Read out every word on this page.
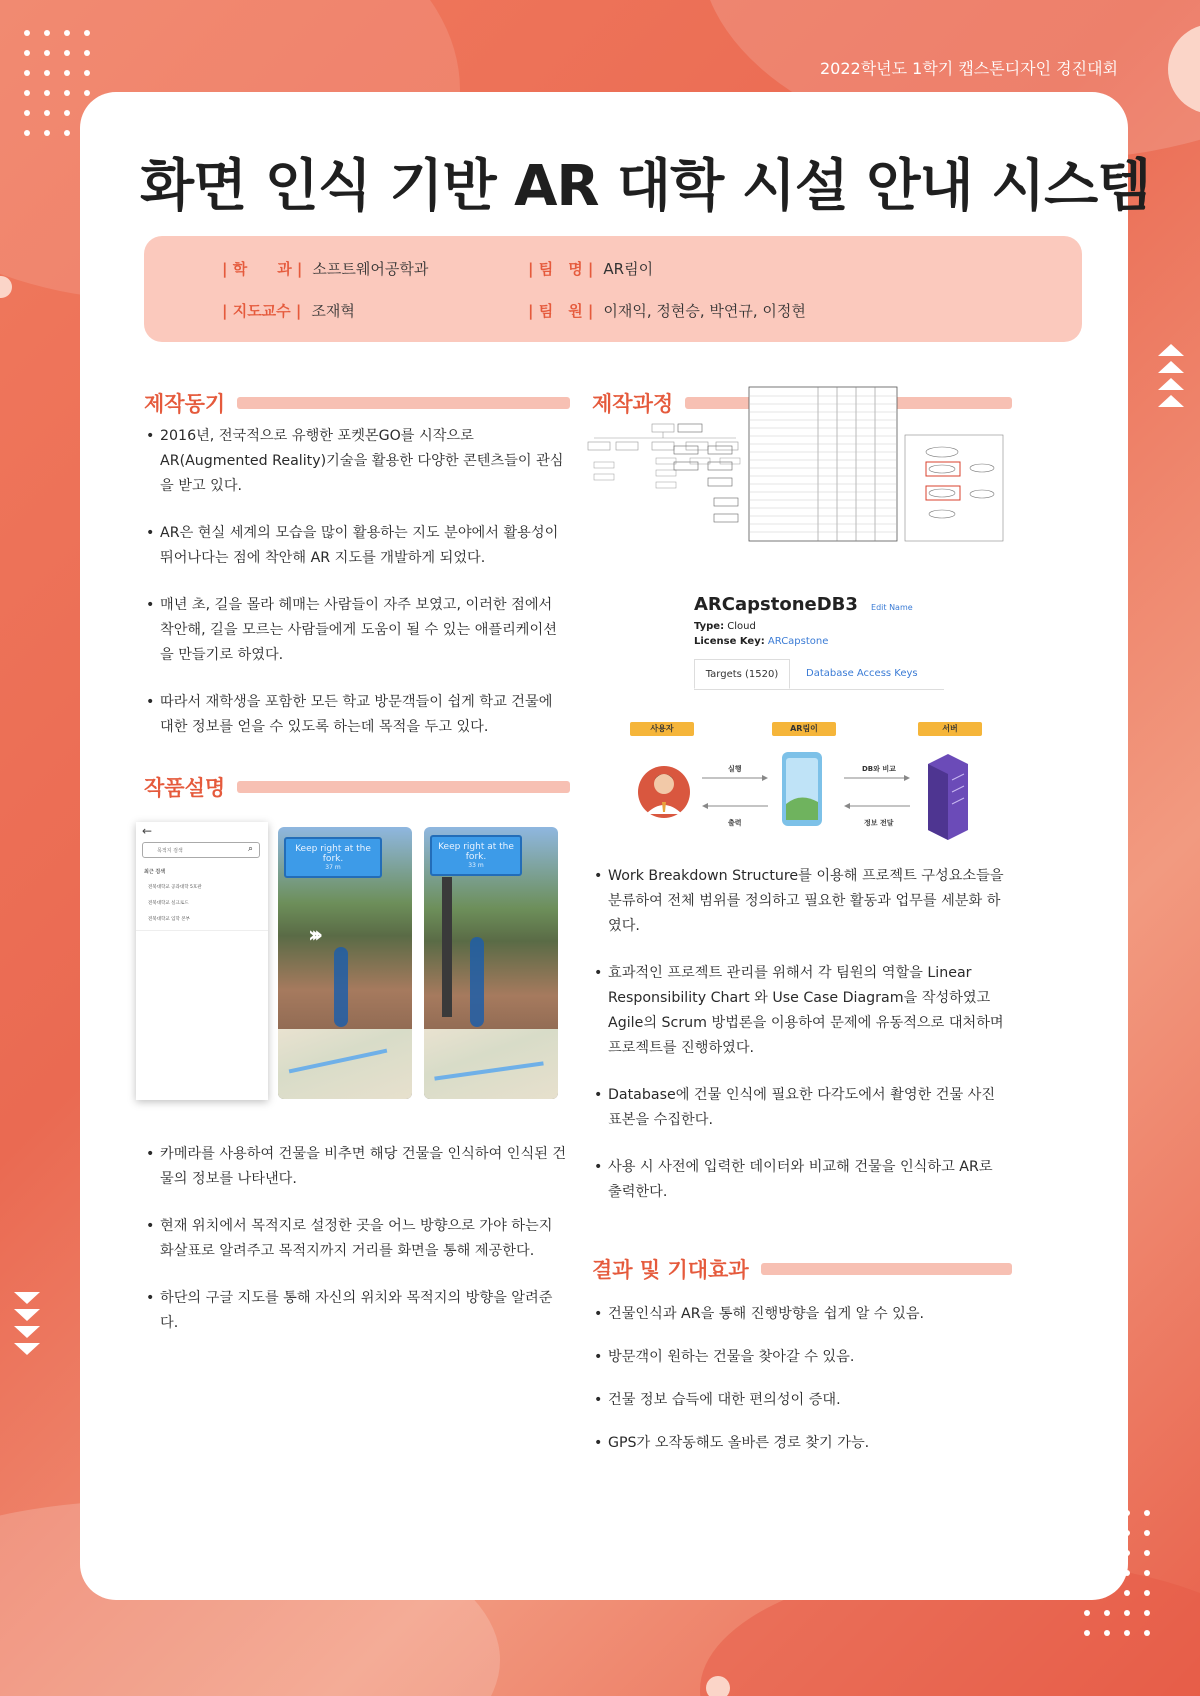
2022학년도 1학기 캡스톤디자인 경진대회
화면 인식 기반 AR 대학 시설 안내 시스템
| 학　　과 | 소프트웨어공학과	| 팀　명 | AR림이
| 지도교수 | 조재혁	| 팀　원 | 이재익, 정현승, 박연규, 이정현
제작동기
• 2016년, 전국적으로 유행한 포켓몬GO를 시작으로 AR(Augmented Reality)기술을 활용한 다양한 콘텐츠들이 관심을 받고 있다.
• AR은 현실 세계의 모습을 많이 활용하는 지도 분야에서 활용성이 뛰어나다는 점에 착안해 AR 지도를 개발하게 되었다.
• 매년 초, 길을 몰라 헤매는 사람들이 자주 보였고, 이러한 점에서 착안해, 길을 모르는 사람들에게 도움이 될 수 있는 애플리케이션을 만들기로 하였다.
• 따라서 재학생을 포함한 모든 학교 방문객들이 쉽게 학교 건물에 대한 정보를 얻을 수 있도록 하는데 목적을 두고 있다.
작품설명
←
목적지 검색	⌕
최근 검색
전북대학교 공과대학 5호관
전북대학교 실크로드
전북대학교 입학 본부
Keep right at the fork.
37 m
›››
Keep right at the fork.
33 m
• 카메라를 사용하여 건물을 비추면 해당 건물을 인식하여 인식된 건물의 정보를 나타낸다.
• 현재 위치에서 목적지로 설정한 곳을 어느 방향으로 가야 하는지 화살표로 알려주고 목적지까지 거리를 화면을 통해 제공한다.
• 하단의 구글 지도를 통해 자신의 위치와 목적지의 방향을 알려준다.
제작과정
ARCapstoneDB3 Edit Name
Type: Cloud
License Key: ARCapstone
Targets (1520)	Database Access Keys
사용자	AR림이	서버
실행
출력
DB와 비교
정보 전달
• Work Breakdown Structure를 이용해 프로젝트 구성요소들을 분류하여 전체 범위를 정의하고 필요한 활동과 업무를 세분화 하였다.
• 효과적인 프로젝트 관리를 위해서 각 팀원의 역할을 Linear Responsibility Chart 와 Use Case Diagram을 작성하였고 Agile의 Scrum 방법론을 이용하여 문제에 유동적으로 대처하며 프로젝트를 진행하였다.
• Database에 건물 인식에 필요한 다각도에서 촬영한 건물 사진 표본을 수집한다.
• 사용 시 사전에 입력한 데이터와 비교해 건물을 인식하고 AR로 출력한다.
결과 및 기대효과
• 건물인식과 AR을 통해 진행방향을 쉽게 알 수 있음.
• 방문객이 원하는 건물을 찾아갈 수 있음.
• 건물 정보 습득에 대한 편의성이 증대.
• GPS가 오작동해도 올바른 경로 찾기 가능.
